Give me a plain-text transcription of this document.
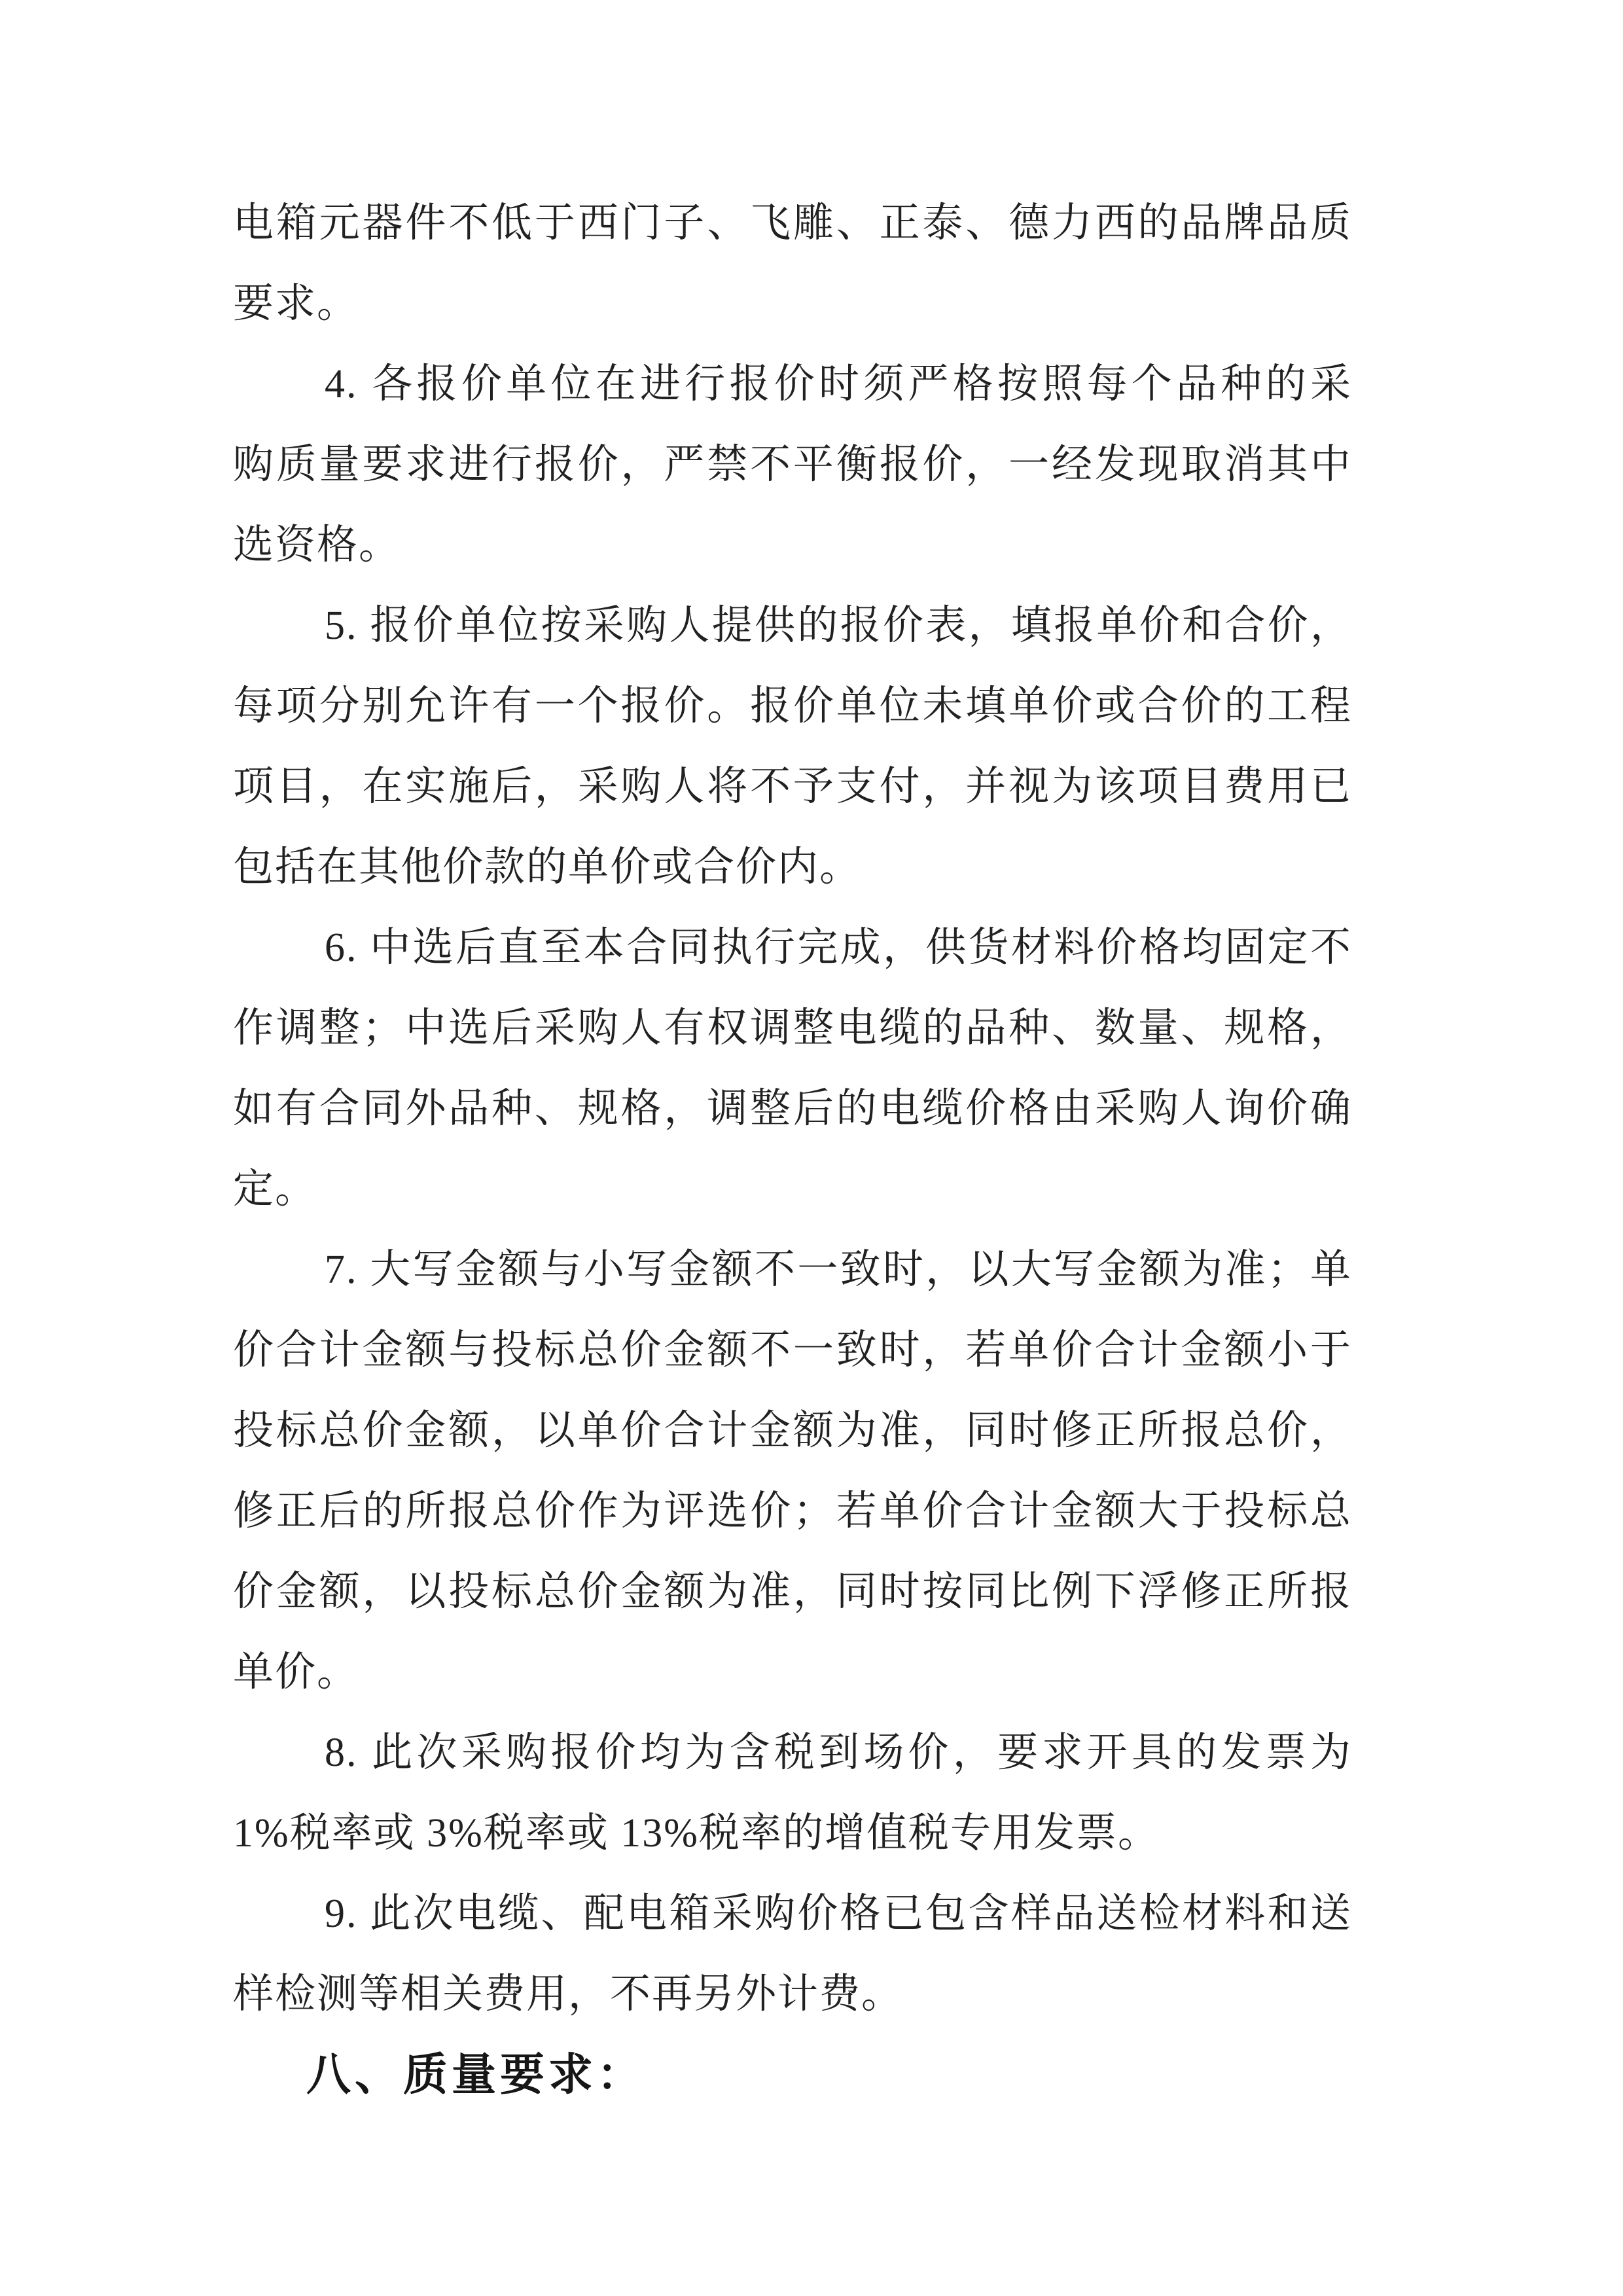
电箱元器件不低于西门子、飞雕、正泰、德力西的品牌品质
要求。
4. 各报价单位在进行报价时须严格按照每个品种的采
购质量要求进行报价，严禁不平衡报价，一经发现取消其中
选资格。
5. 报价单位按采购人提供的报价表，填报单价和合价，
每项分别允许有一个报价。报价单位未填单价或合价的工程
项目，在实施后，采购人将不予支付，并视为该项目费用已
包括在其他价款的单价或合价内。
6. 中选后直至本合同执行完成，供货材料价格均固定不
作调整；中选后采购人有权调整电缆的品种、数量、规格，
如有合同外品种、规格，调整后的电缆价格由采购人询价确
定。
7. 大写金额与小写金额不一致时，以大写金额为准；单
价合计金额与投标总价金额不一致时，若单价合计金额小于
投标总价金额，以单价合计金额为准，同时修正所报总价，
修正后的所报总价作为评选价；若单价合计金额大于投标总
价金额，以投标总价金额为准，同时按同比例下浮修正所报
单价。
8. 此次采购报价均为含税到场价，要求开具的发票为
1%税率或 3%税率或 13%税率的增值税专用发票。
9. 此次电缆、配电箱采购价格已包含样品送检材料和送
样检测等相关费用，不再另外计费。
八、质量要求：
